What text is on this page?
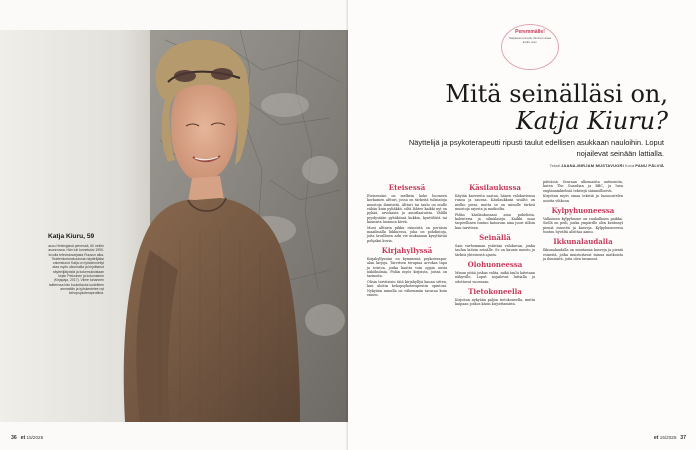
Katja Kiuru, 59

asuu Helsingissä pienessä, 60 neliön asunnossa. Hän tuli tunnetuksi 1990-luvulla televisiosarjasta Ruusun aika. Teatterikorkeakoulusta näyttelijäksi valmistunut Katja on työskennellyt alaa myös ulkomailla ja kirjoittanut näyttelijätyöstä ja kokemuksistaan kirjan Pelkoinen ja kokonainen (Kirjapaja, 2017). Viime tuhannen taitteessa hän kouluttautui uudelleen ammattiin ja työskentelee nyt kehopsykoterapeuttina.

36 et 15/2025	et 15/2025 37
Peremmälle!
Sarjassa tunnettu ihminen avaa kodin ovet.
Mitä seinälläsi on,
Katja Kiuru?

Näyttelijä ja psykoterapeutti ripusti taulut edellisen asukkaan nauloihin. Loput nojailevat seinään lattialla.

Teksti JAANA-MIRJAM MUSTAVUORI Kuva PANU PÄLVIÄ
Eteisessä

Eteisessäni on melkein koko huoneen korkuinen altturi, jossa on tärkeitä tulisiatoja muistoja ihmisistä. Altturi tai taulu on mulle vähän kuin pyhäkkö, siltä lähtee kaikki nyt on pyhää, arvokasta ja ainutlaatuista. Välillä pyydystään pyhäkössä kukkia, kynttilöitä tai kaunista luonnon kiveä.

Moni altturin pikku esineistä on peräisin maailmalla liikkuessa, joka on pohdintoja, joita tavallinen arki vie mukanaan kysyttävää pohjaksi kuvia.

Kirjahyllyssä

Kirjahyllyssäni on kymmeniä psykoterapia-alan kirjoja. Tarvitsen terapiaa arvokas tapa ja toistoa, jonka kautta voin oppia uusia näkökulmia. Pidän myös kirjoista, joissa on tarinoita.

Olisin tarvitsisin tätä kirjahyllyä kauan sitten, kun aloitin kehopsykoterapeutin opintoni. Nykyään minulla on vähemmän tavaraa kuin ennen.

Käsilaukussa

Käytän kavereita saatua, hänen valokuviensa runoa ja sauvaa. Käsilaukkuni sisältö on melko pieni, mutta se on minulle tärkeä muistoja arjesta ja matkoilta.

Pidän käsilaukussani aina puhelinta, kalenteria ja silmälaseja. Kaikki muu tarpeellinen tuntuu katoavan aina juuri silloin kun tarvitsen.

Seinällä

Sain varhemman ystäväni valokuvan, jonka taulun laitoin seinälle. Se on kaunis muisto ja tärkeä yhteisestä ajasta.

Olohuoneessa

Minun pitää joskus valita, mikä taulu laitetaan näkyville. Loput nojailevat lattialla ja odottavat vuoroaan.

Tietokoneella

Kirjoitan nykyään paljon tietokoneella, mutta kaipaan joskus käsin kirjoittamista.

päivässä. Seuraan ulkomaista uutisointia, kuten The Guardian ja BBC, ja luen englanninkielisiä tekstejä säännöllisesti.

Kirjoitan myös omaa tekstiä ja luonnostelen asioita vihkoon.

Kylpyhuoneessa

Valkoinen kylpyhuone on rauhallinen paikka. Siellä on peili, jonka ympärille olen kerännyt pieniä esineitä ja kasveja. Kylpyhuoneessa tuntuu hyvältä aloittaa aamu.

Ikkunalaudalla

Ikkunalaudalla on muutamia kasveja ja pieniä esineitä, jotka muistuttavat minua matkoista ja ihmisistä, joita olen tavannut.
